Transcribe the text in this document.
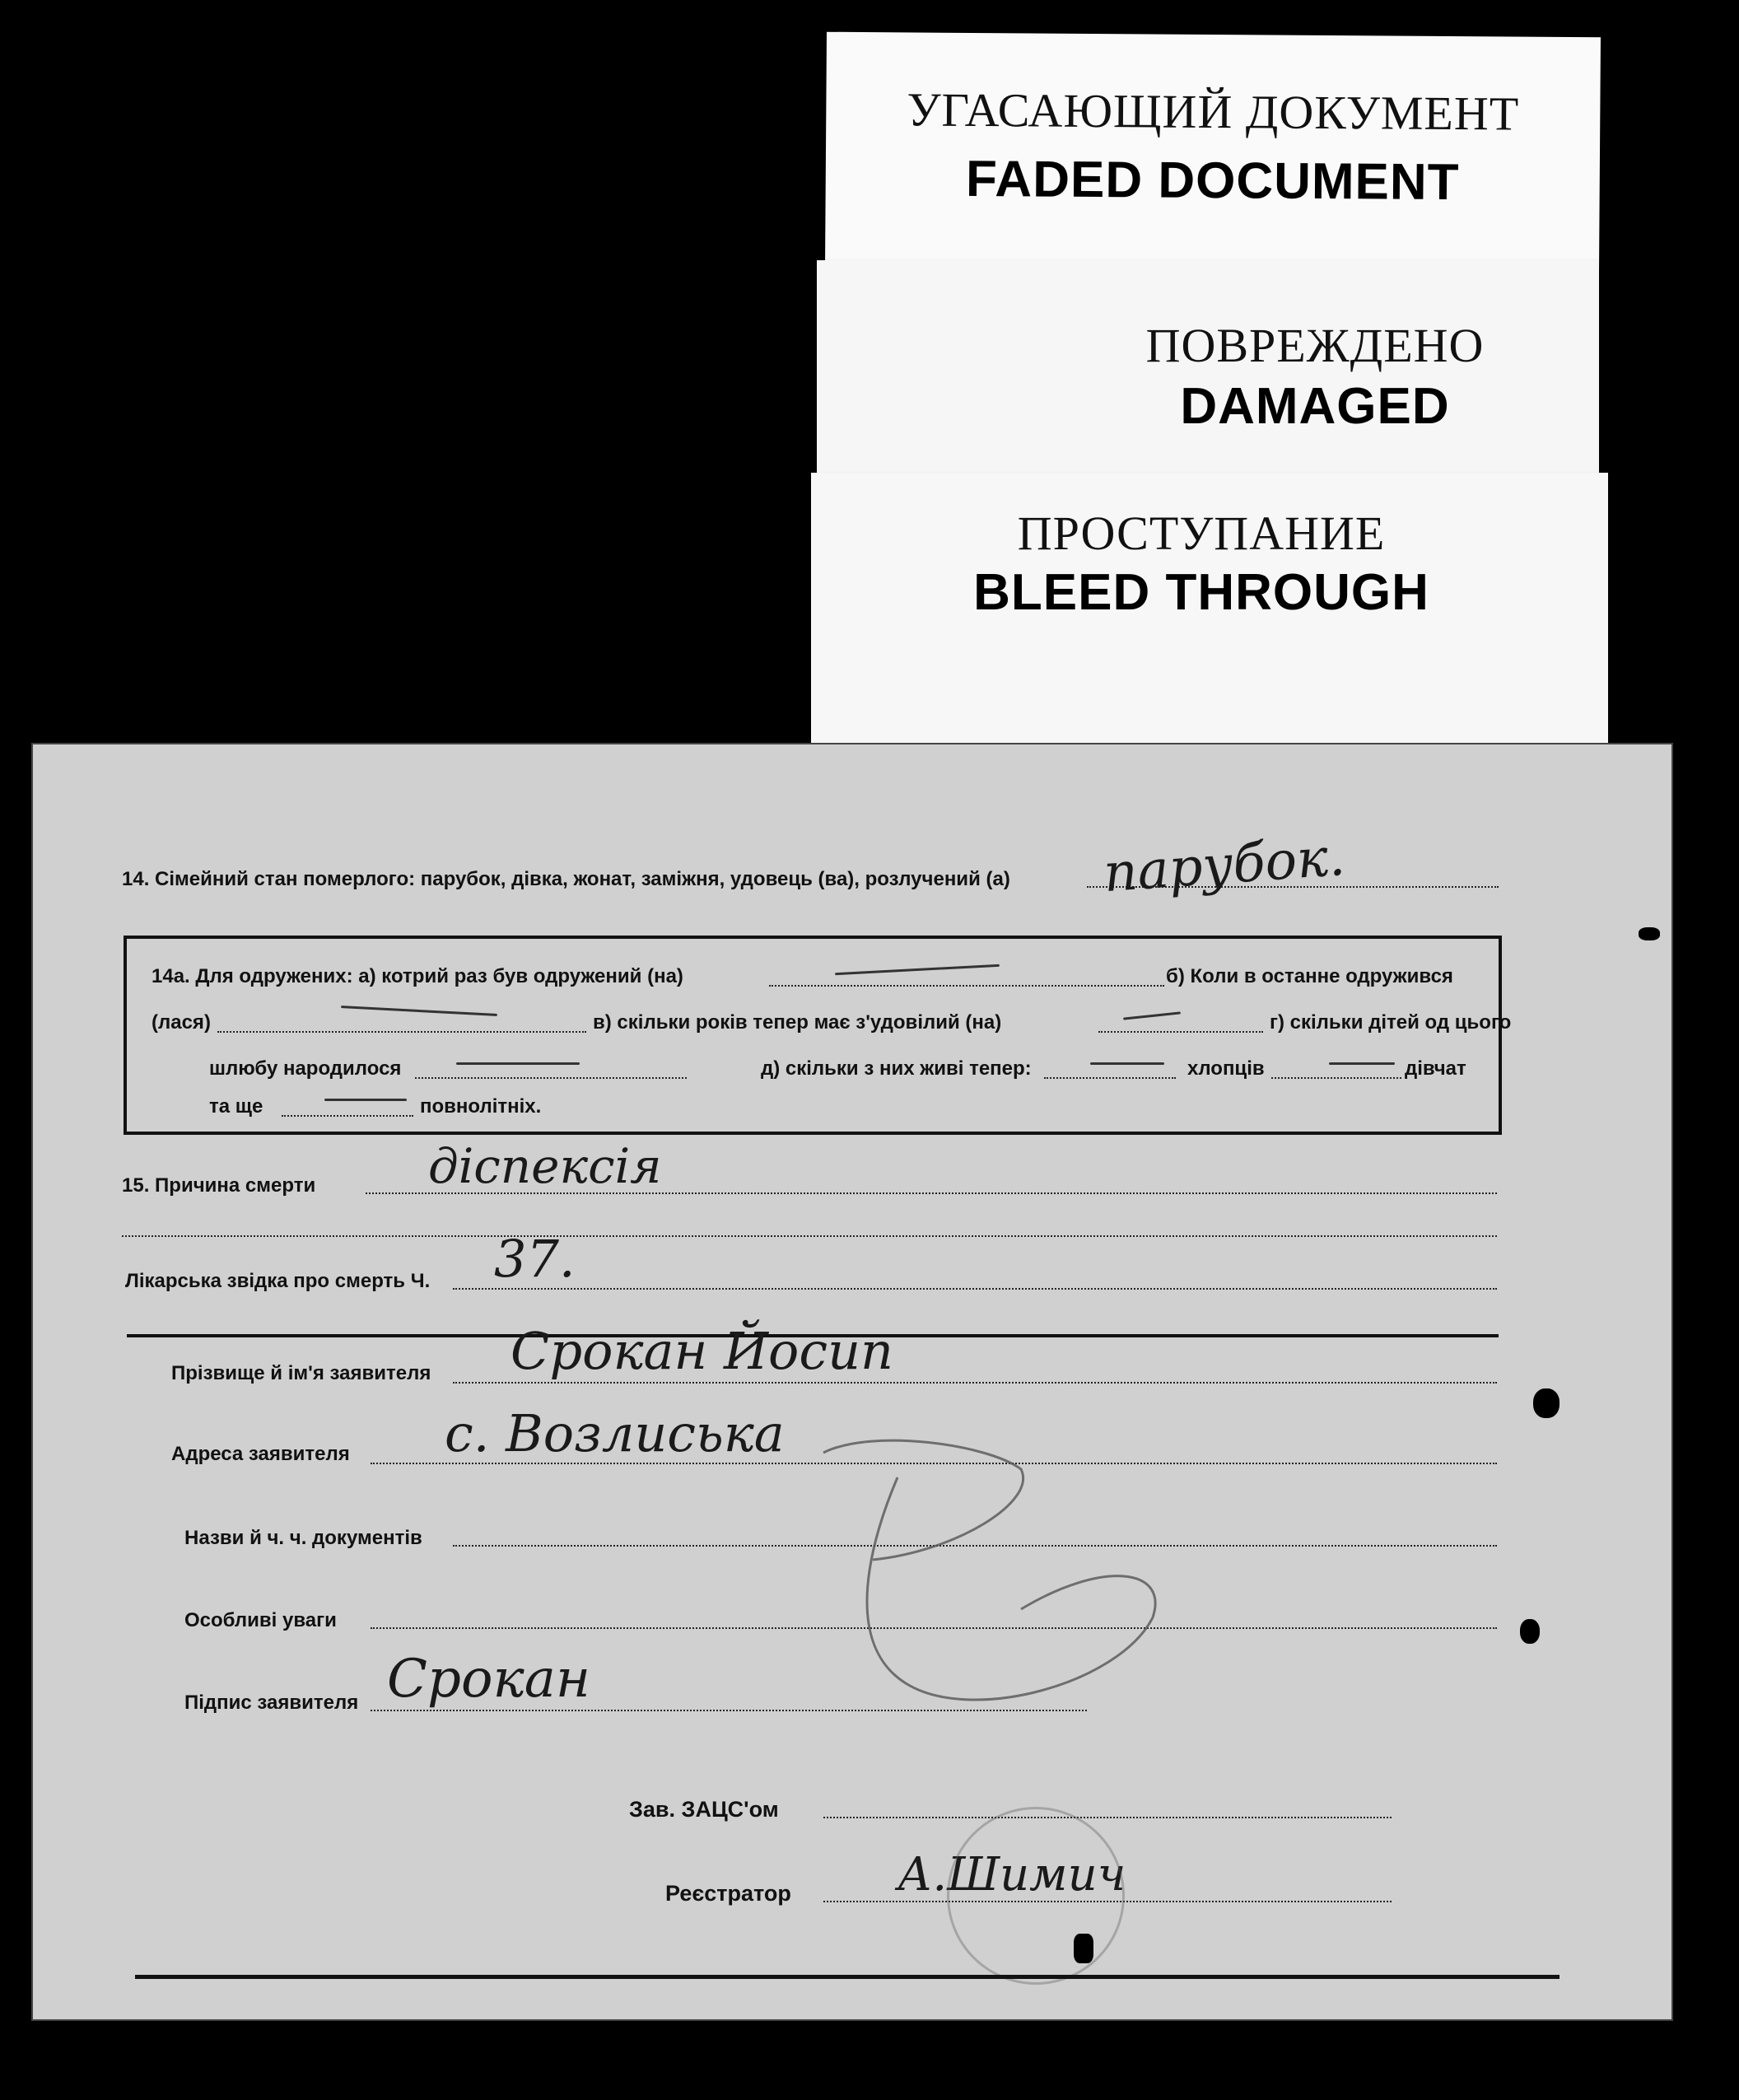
УГАСАЮЩИЙ ДОКУМЕНТ
FADED DOCUMENT
ПОВРЕЖДЕНО
DAMAGED
ПРОСТУПАНИЕ
BLEED THROUGH
14. Сімейний стан померлого: парубок, дівка, жонат, заміжня, удовець (ва), розлучений (а) парубок.
14а. Для одружених: а) котрий раз був одружений (на)	б) Коли в останне одружився
(лася)	в) скільки років тепер має з'удовілий (на)	г) скільки дітей од цього
шлюбу народилося	д) скільки з них живі тепер:	хлопців	дівчат
та ще	повнолітніх.
15. Причина смерти діспексія
Лікарська звідка про смерть Ч. 37.
Прізвище й ім'я заявителя Срокан Йосип
Адреса заявителя с. Возлиська
Назви й ч. ч. документів
Особливі уваги
Підпис заявителя Срокан
Зав. ЗАЦС'ом
Реєстратор А.Шимич
